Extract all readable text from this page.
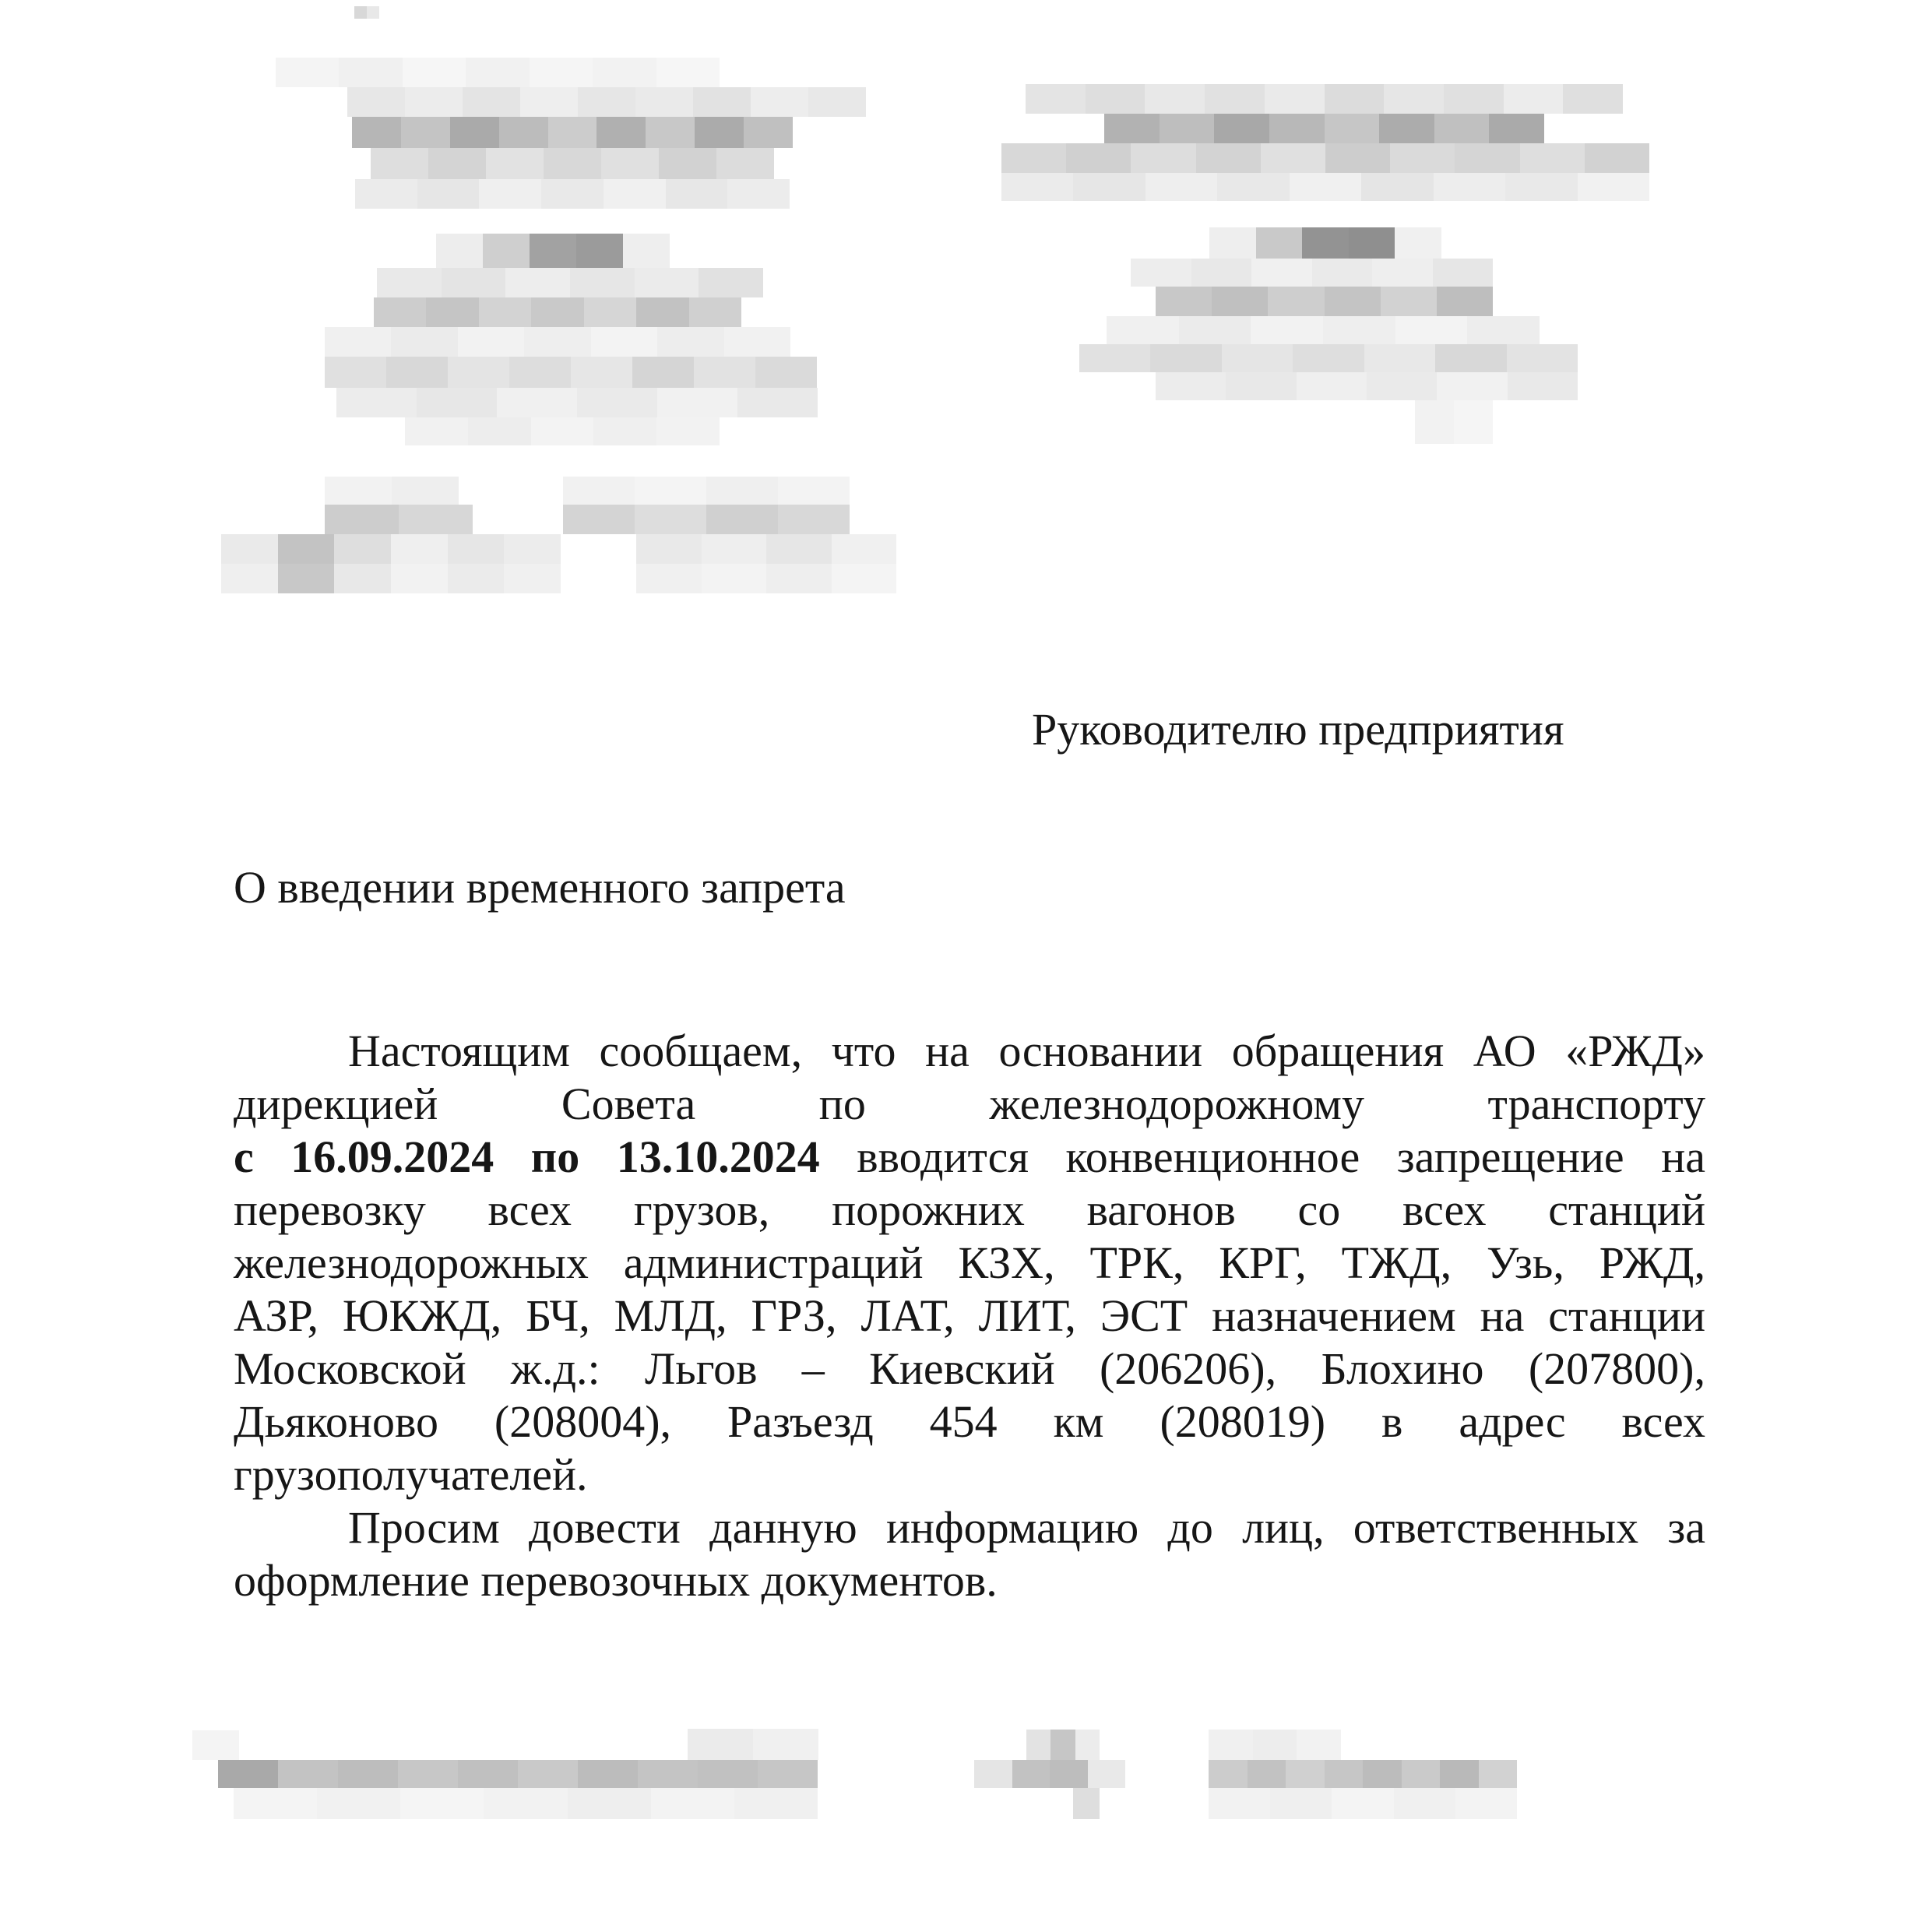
Руководителю предприятия
О введении временного запрета
Настоящим сообщаем, что на основании обращения АО «РЖД»
дирекцией Совета по железнодорожному транспорту
с 16.09.2024 по 13.10.2024 вводится конвенционное запрещение на
перевозку всех грузов, порожних вагонов со всех станций
железнодорожных администраций КЗХ, ТРК, КРГ, ТЖД, Узь, РЖД,
АЗР, ЮКЖД, БЧ, МЛД, ГРЗ, ЛАТ, ЛИТ, ЭСТ назначением на станции
Московской ж.д.: Льгов – Киевский (206206), Блохино (207800),
Дьяконово (208004), Разъезд 454 км (208019) в адрес всех
грузополучателей.
Просим довести данную информацию до лиц, ответственных за
оформление перевозочных документов.
